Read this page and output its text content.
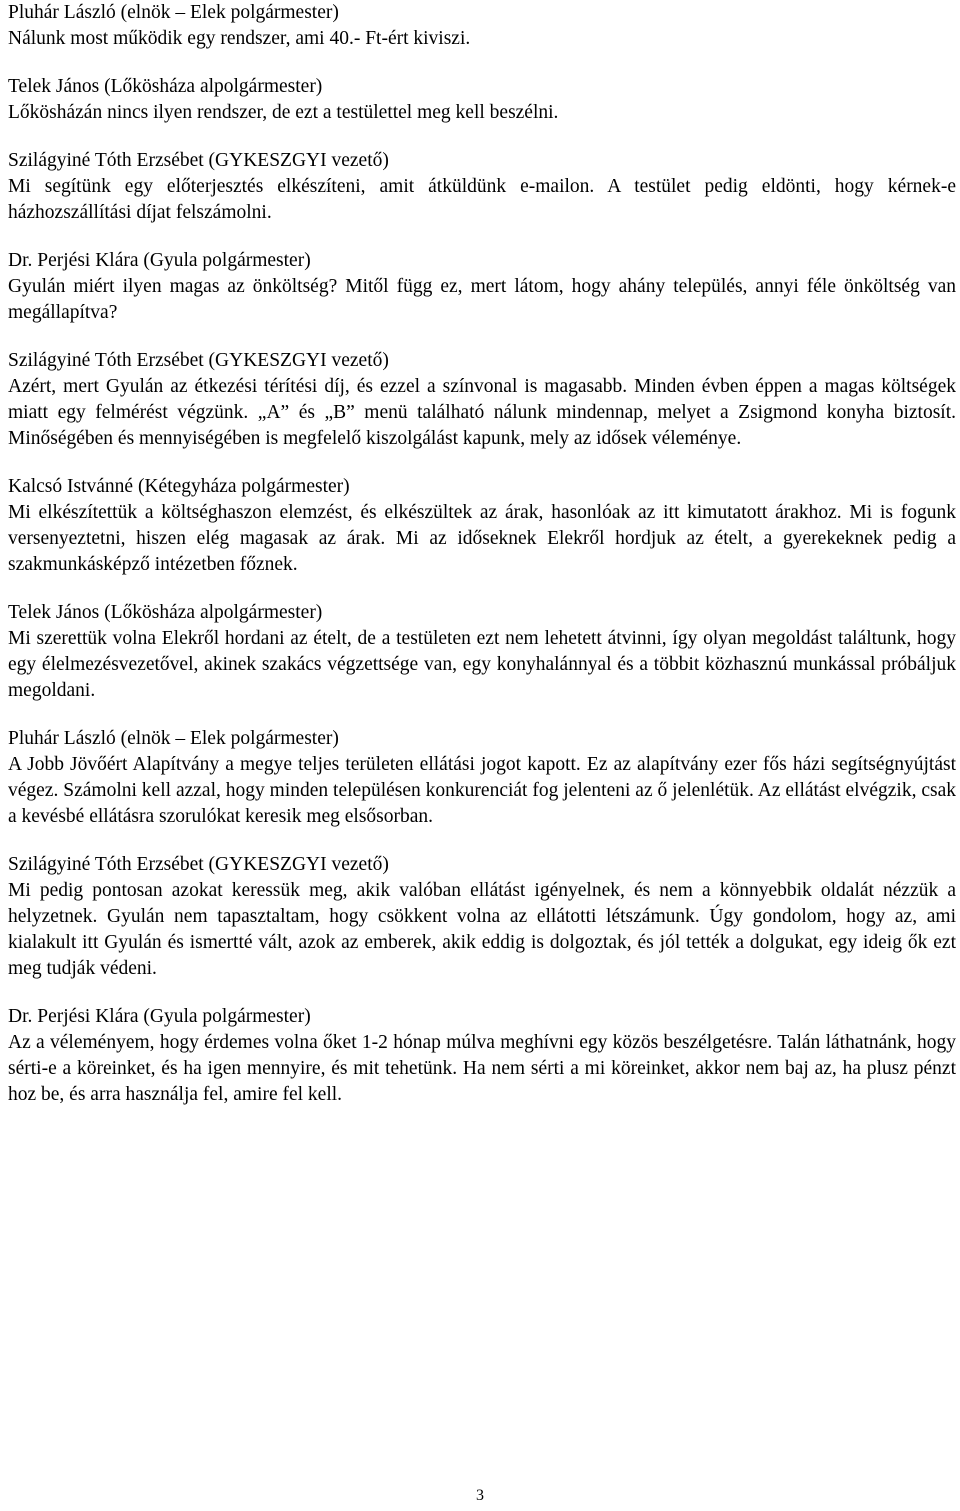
Pluhár László (elnök – Elek polgármester)

Nálunk most működik egy rendszer, ami 40.- Ft-ért kiviszi.

Telek János (Lőkösháza alpolgármester)

Lőkösházán nincs ilyen rendszer, de ezt a testülettel meg kell beszélni.

Szilágyiné Tóth Erzsébet (GYKESZGYI vezető)

Mi segítünk egy előterjesztés elkészíteni, amit átküldünk e-mailon. A testület pedig eldönti, hogy kérnek-e házhozszállítási díjat felszámolni.

Dr. Perjési Klára (Gyula polgármester)

Gyulán miért ilyen magas az önköltség? Mitől függ ez, mert látom, hogy ahány település, annyi féle önköltség van megállapítva?

Szilágyiné Tóth Erzsébet (GYKESZGYI vezető)

Azért, mert Gyulán az étkezési térítési díj, és ezzel a színvonal is magasabb. Minden évben éppen a magas költségek miatt egy felmérést végzünk. „A” és „B” menü található nálunk mindennap, melyet a Zsigmond konyha biztosít. Minőségében és mennyiségében is megfelelő kiszolgálást kapunk, mely az idősek véleménye.

Kalcsó Istvánné (Kétegyháza polgármester)

Mi elkészítettük a költséghaszon elemzést, és elkészültek az árak, hasonlóak az itt kimutatott árakhoz. Mi is fogunk versenyeztetni, hiszen elég magasak az árak. Mi az időseknek Elekről hordjuk az ételt, a gyerekeknek pedig a szakmunkásképző intézetben főznek.

Telek János (Lőkösháza alpolgármester)

Mi szerettük volna Elekről hordani az ételt, de a testületen ezt nem lehetett átvinni, így olyan megoldást találtunk, hogy egy élelmezésvezetővel, akinek szakács végzettsége van, egy konyhalánnyal és a többit közhasznú munkással próbáljuk megoldani.

Pluhár László (elnök – Elek polgármester)

A Jobb Jövőért Alapítvány a megye teljes területen ellátási jogot kapott. Ez az alapítvány ezer fős házi segítségnyújtást végez. Számolni kell azzal, hogy minden településen konkurenciát fog jelenteni az ő jelenlétük. Az ellátást elvégzik, csak a kevésbé ellátásra szorulókat keresik meg elsősorban.

Szilágyiné Tóth Erzsébet (GYKESZGYI vezető)

Mi pedig pontosan azokat keressük meg, akik valóban ellátást igényelnek, és nem a könnyebbik oldalát nézzük a helyzetnek. Gyulán nem tapasztaltam, hogy csökkent volna az ellátotti létszámunk. Úgy gondolom, hogy az, ami kialakult itt Gyulán és ismertté vált, azok az emberek, akik eddig is dolgoztak, és jól tették a dolgukat, egy ideig ők ezt meg tudják védeni.

Dr. Perjési Klára (Gyula polgármester)

Az a véleményem, hogy érdemes volna őket 1-2 hónap múlva meghívni egy közös beszélgetésre. Talán láthatnánk, hogy sérti-e a köreinket, és ha igen mennyire, és mit tehetünk. Ha nem sérti a mi köreinket, akkor nem baj az, ha plusz pénzt hoz be, és arra használja fel, amire fel kell.

3
